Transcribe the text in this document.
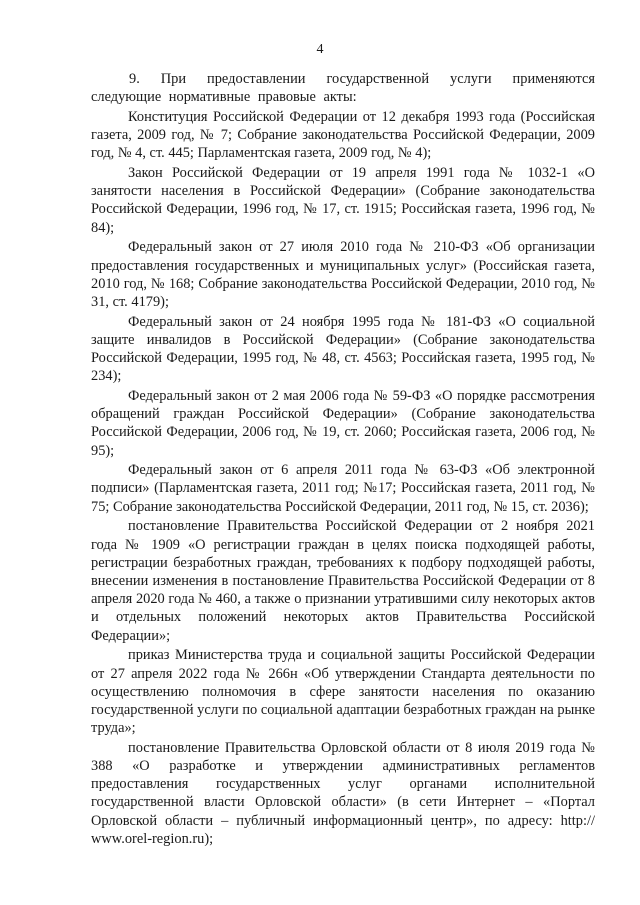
4

9. При предоставлении государственной услуги применяются следующие нормативные правовые акты:

Конституция Российской Федерации от 12 декабря 1993 года (Российская газета, 2009 год, № 7; Собрание законодательства Российской Федерации, 2009 год, № 4, ст. 445; Парламентская газета, 2009 год, № 4);

Закон Российской Федерации от 19 апреля 1991 года № 1032-1 «О занятости населения в Российской Федерации» (Собрание законодательства Российской Федерации, 1996 год, № 17, ст. 1915; Российская газета, 1996 год, № 84);

Федеральный закон от 27 июля 2010 года № 210-ФЗ «Об организации предоставления государственных и муниципальных услуг» (Российская газета, 2010 год, № 168; Собрание законодательства Российской Федерации, 2010 год, № 31, ст. 4179);

Федеральный закон от 24 ноября 1995 года № 181-ФЗ «О социальной защите инвалидов в Российской Федерации» (Собрание законодательства Российской Федерации, 1995 год, № 48, ст. 4563; Российская газета, 1995 год, № 234);

Федеральный закон от 2 мая 2006 года № 59-ФЗ «О порядке рассмотрения обращений граждан Российской Федерации» (Собрание законодательства Российской Федерации, 2006 год, № 19, ст. 2060; Российская газета, 2006 год, № 95);

Федеральный закон от 6 апреля 2011 года № 63-ФЗ «Об электронной подписи» (Парламентская газета, 2011 год; №17; Российская газета, 2011 год, № 75; Собрание законодательства Российской Федерации, 2011 год, № 15, ст. 2036);

постановление Правительства Российской Федерации от 2 ноября 2021 года № 1909 «О регистрации граждан в целях поиска подходящей работы, регистрации безработных граждан, требованиях к подбору подходящей работы, внесении изменения в постановление Правительства Российской Федерации от 8 апреля 2020 года № 460, а также о признании утратившими силу некоторых актов и отдельных положений некоторых актов Правительства Российской Федерации»;

приказ Министерства труда и социальной защиты Российской Федерации от 27 апреля 2022 года № 266н «Об утверждении Стандарта деятельности по осуществлению полномочия в сфере занятости населения по оказанию государственной услуги по социальной адаптации безработных граждан на рынке труда»;

постановление Правительства Орловской области от 8 июля 2019 года № 388 «О разработке и утверждении административных регламентов предоставления государственных услуг органами исполнительной государственной власти Орловской области» (в сети Интернет – «Портал Орловской области – публичный информационный центр», по адресу: http:// www.orel-region.ru);
